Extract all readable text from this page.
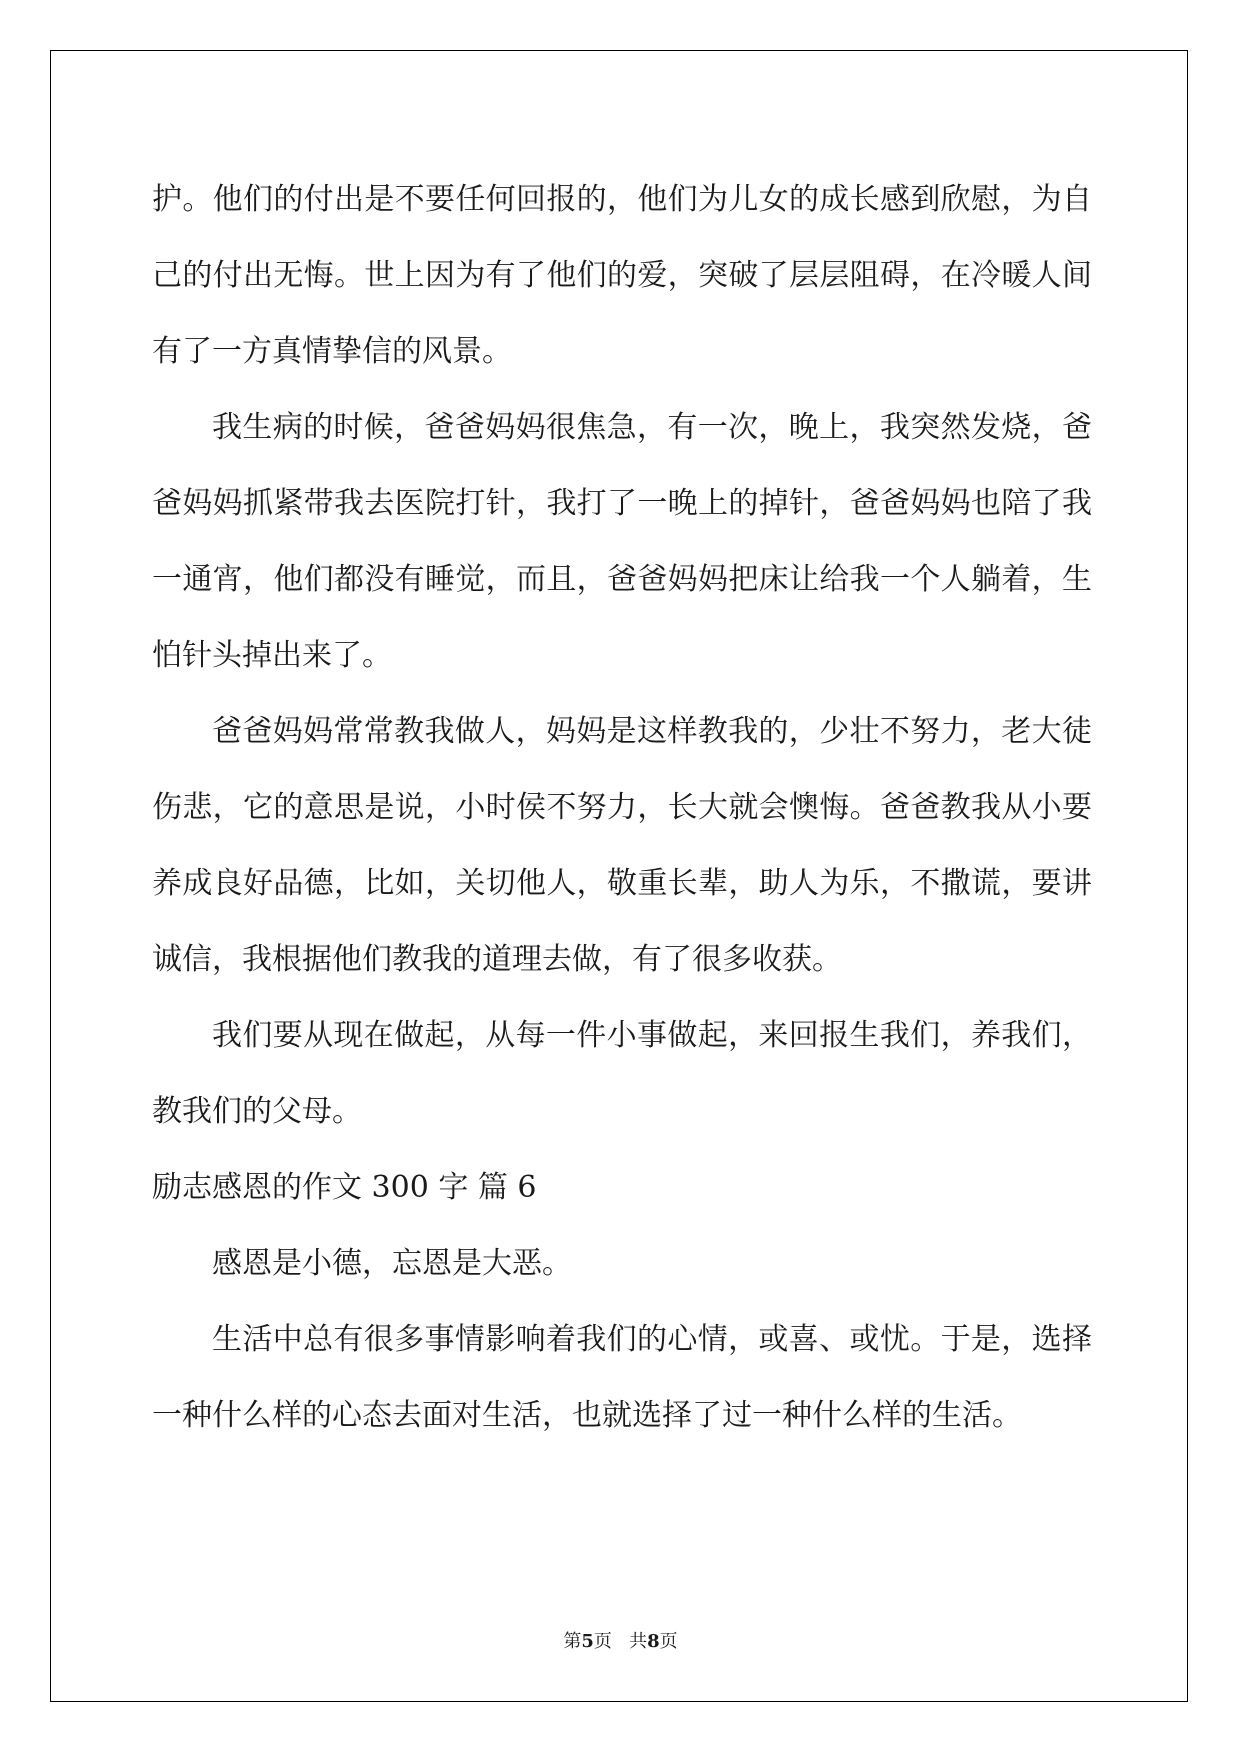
护。他们的付出是不要任何回报的，他们为儿女的成长感到欣慰，为自己的付出无悔。世上因为有了他们的爱，突破了层层阻碍，在冷暖人间有了一方真情挚信的风景。

我生病的时候，爸爸妈妈很焦急，有一次，晚上，我突然发烧，爸爸妈妈抓紧带我去医院打针，我打了一晚上的掉针，爸爸妈妈也陪了我一通宵，他们都没有睡觉，而且，爸爸妈妈把床让给我一个人躺着，生怕针头掉出来了。

爸爸妈妈常常教我做人，妈妈是这样教我的，少壮不努力，老大徒伤悲，它的意思是说，小时侯不努力，长大就会懊悔。爸爸教我从小要养成良好品德，比如，关切他人，敬重长辈，助人为乐，不撒谎，要讲诚信，我根据他们教我的道理去做，有了很多收获。

我们要从现在做起，从每一件小事做起，来回报生我们，养我们，教我们的父母。

励志感恩的作文 300 字 篇 6

感恩是小德，忘恩是大恶。

生活中总有很多事情影响着我们的心情，或喜、或忧。于是，选择一种什么样的心态去面对生活，也就选择了过一种什么样的生活。

第5页   共8页
